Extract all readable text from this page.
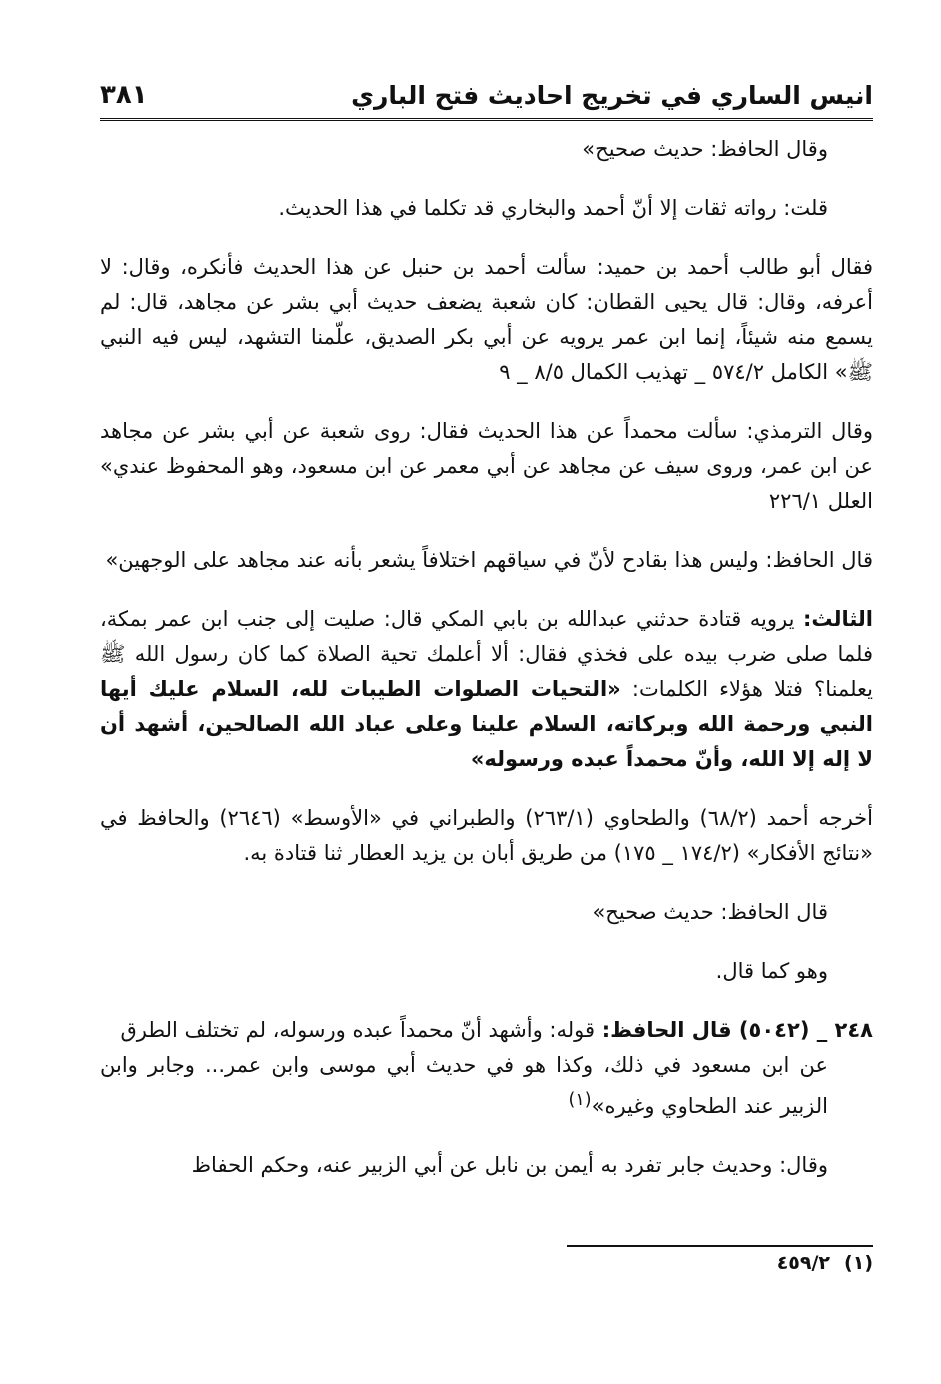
انيس الساري في تخريج احاديث فتح الباري
٣٨١

وقال الحافظ: حديث صحيح»

قلت: رواته ثقات إلا أنّ أحمد والبخاري قد تكلما في هذا الحديث.

فقال أبو طالب أحمد بن حميد: سألت أحمد بن حنبل عن هذا الحديث فأنكره، وقال: لا أعرفه، وقال: قال يحيى القطان: كان شعبة يضعف حديث أبي بشر عن مجاهد، قال: لم يسمع منه شيئاً، إنما ابن عمر يرويه عن أبي بكر الصديق، علّمنا التشهد، ليس فيه النبي ﷺ» الكامل ٥٧٤/٢ _ تهذيب الكمال ٨/٥ _ ٩

وقال الترمذي: سألت محمداً عن هذا الحديث فقال: روى شعبة عن أبي بشر عن مجاهد عن ابن عمر، وروى سيف عن مجاهد عن أبي معمر عن ابن مسعود، وهو المحفوظ عندي» العلل ٢٢٦/١

قال الحافظ: وليس هذا بقادح لأنّ في سياقهم اختلافاً يشعر بأنه عند مجاهد على الوجهين»

الثالث: يرويه قتادة حدثني عبدالله بن بابي المكي قال: صليت إلى جنب ابن عمر بمكة، فلما صلى ضرب بيده على فخذي فقال: ألا أعلمك تحية الصلاة كما كان رسول الله ﷺ يعلمنا؟ فتلا هؤلاء الكلمات: «التحيات الصلوات الطيبات لله، السلام عليك أيها النبي ورحمة الله وبركاته، السلام علينا وعلى عباد الله الصالحين، أشهد أن لا إله إلا الله، وأنّ محمداً عبده ورسوله»

أخرجه أحمد (٦٨/٢) والطحاوي (٢٦٣/١) والطبراني في «الأوسط» (٢٦٤٦) والحافظ في «نتائج الأفكار» (١٧٤/٢ _ ١٧٥) من طريق أبان بن يزيد العطار ثنا قتادة به.

قال الحافظ: حديث صحيح»

وهو كما قال.

٢٤٨ _ (٥٠٤٢) قال الحافظ: قوله: وأشهد أنّ محمداً عبده ورسوله، لم تختلف الطرق
عن ابن مسعود في ذلك، وكذا هو في حديث أبي موسى وابن عمر... وجابر وابن الزبير عند الطحاوي وغيره»$^{(١)}$

وقال: وحديث جابر تفرد به أيمن بن نابل عن أبي الزبير عنه، وحكم الحفاظ

(١)٤٥٩/٢
